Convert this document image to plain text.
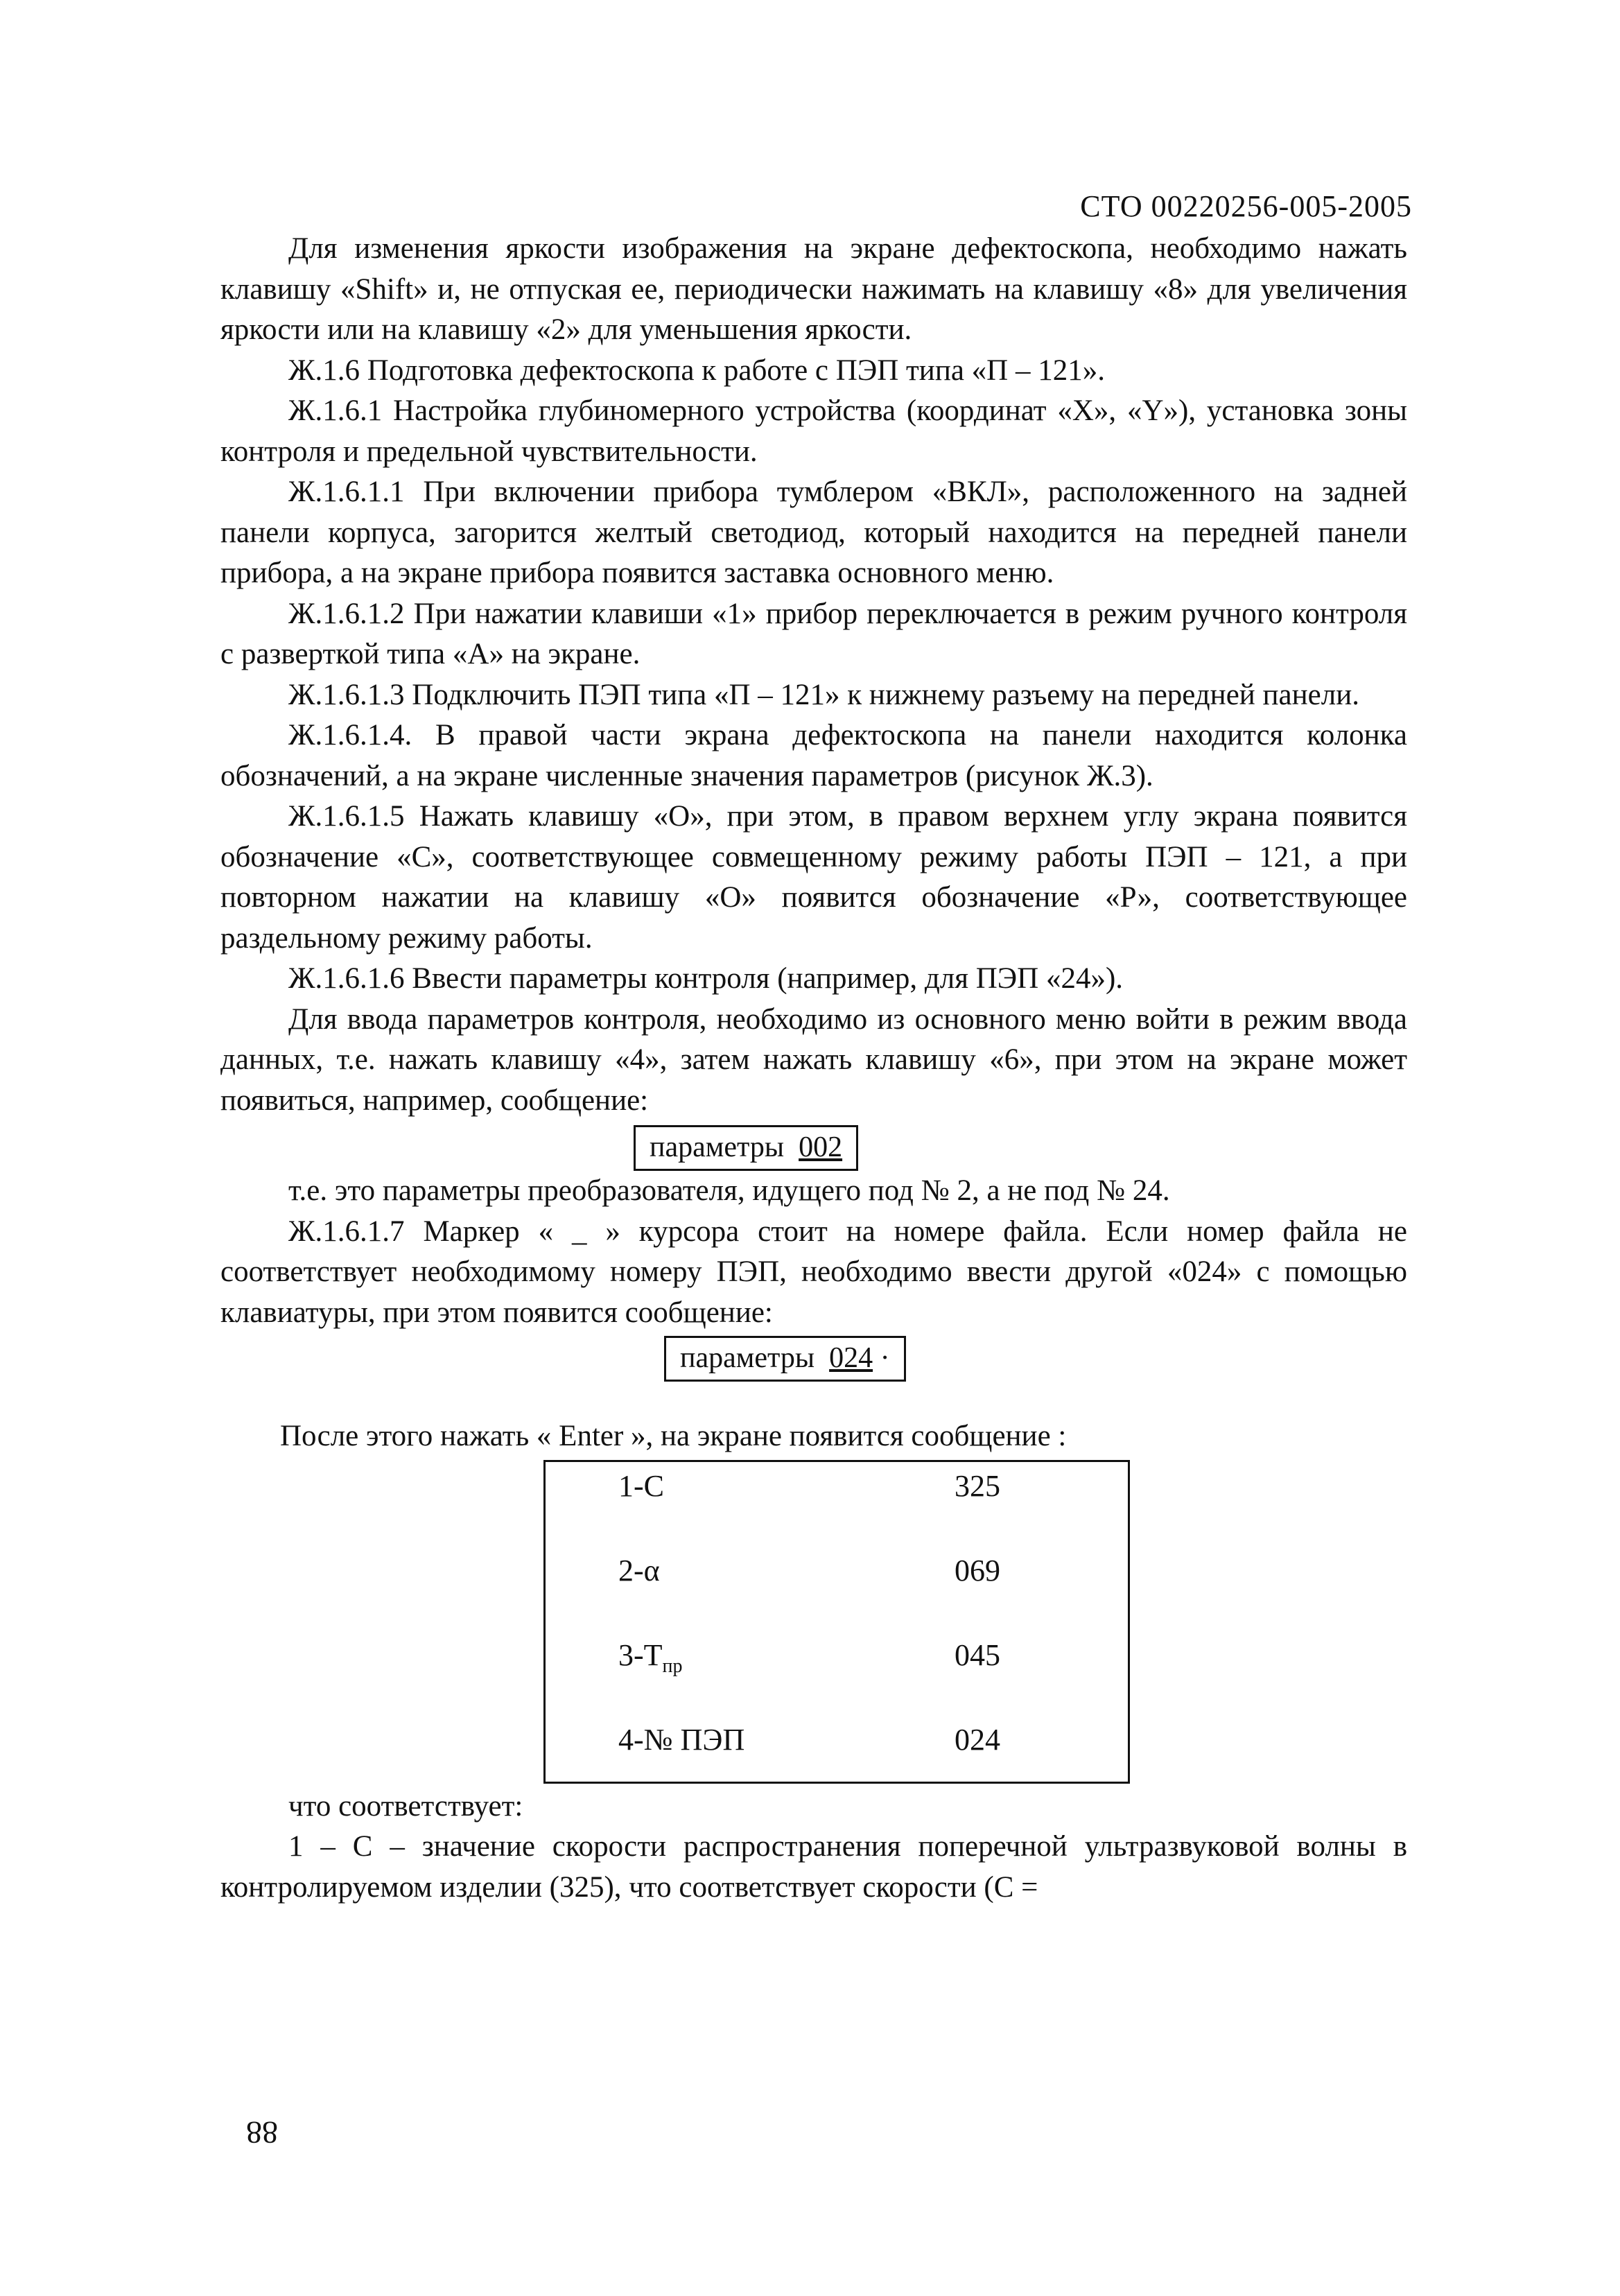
СТО 00220256-005-2005

Для изменения яркости изображения на экране дефектоскопа, необходимо нажать клавишу «Shift» и, не отпуская ее, периодически нажимать на клавишу «8» для увеличения яркости или на клавишу «2» для уменьшения яркости.

Ж.1.6 Подготовка дефектоскопа к работе с ПЭП типа «П – 121».

Ж.1.6.1 Настройка глубиномерного устройства (координат «X», «Y»), установка зоны контроля и предельной чувствительности.

Ж.1.6.1.1 При включении прибора тумблером «ВКЛ», расположенного на задней панели корпуса, загорится желтый светодиод, который находится на передней панели прибора, а на экране прибора появится заставка основного меню.

Ж.1.6.1.2 При нажатии клавиши «1» прибор переключается в режим ручного контроля с разверткой типа «А» на экране.

Ж.1.6.1.3 Подключить ПЭП типа «П – 121» к нижнему разъему на передней панели.

Ж.1.6.1.4. В правой части экрана дефектоскопа на панели находится колонка обозначений, а на экране численные значения параметров (рисунок Ж.3).

Ж.1.6.1.5 Нажать клавишу «О», при этом, в правом верхнем углу экрана появится обозначение «С», соответствующее совмещенному режиму работы ПЭП – 121, а при повторном нажатии на клавишу «О» появится обозначение «Р», соответствующее раздельному режиму работы.

Ж.1.6.1.6 Ввести параметры контроля (например, для ПЭП «24»).

Для ввода параметров контроля, необходимо из основного меню войти в режим ввода данных, т.е. нажать клавишу «4», затем нажать клавишу «6», при этом на экране может появиться, например, сообщение:

параметры 002

т.е. это параметры преобразователя, идущего под № 2, а не под № 24.

Ж.1.6.1.7 Маркер « _ » курсора стоит на номере файла. Если номер файла не соответствует необходимому номеру ПЭП, необходимо ввести другой «024» с помощью клавиатуры, при этом появится сообщение:

параметры 024 ·

После этого нажать « Enter », на экране появится сообщение :

1-С	325
2-α	069
$3-Т_{пр}$	045
4-№ ПЭП	024

что соответствует:

1 – С – значение скорости распространения поперечной ультразвуковой волны в контролируемом изделии (325), что соответствует скорости (С =

88
